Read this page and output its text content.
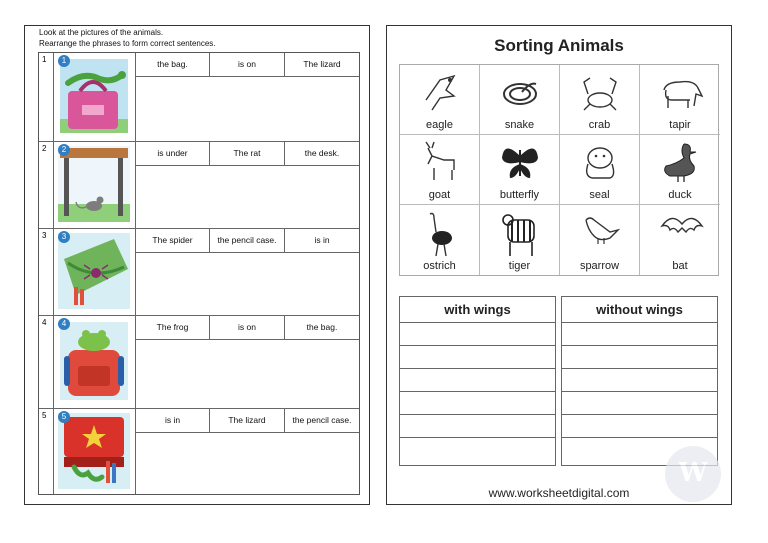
Look at the pictures of the animals.
Rearrange the phrases to form correct sentences.
1	1	the bag.	is on	The lizard
2	2	is under	The rat	the desk.
3	3	The spider	the pencil case.	is in
4	4	The frog	is on	the bag.
5	5	is in	The lizard	the pencil case.
Sorting Animals
eagle	snake	crab	tapir
goat	butterfly	seal	duck
ostrich	tiger	sparrow	bat
with wings	without wings
W
www.worksheetdigital.com
